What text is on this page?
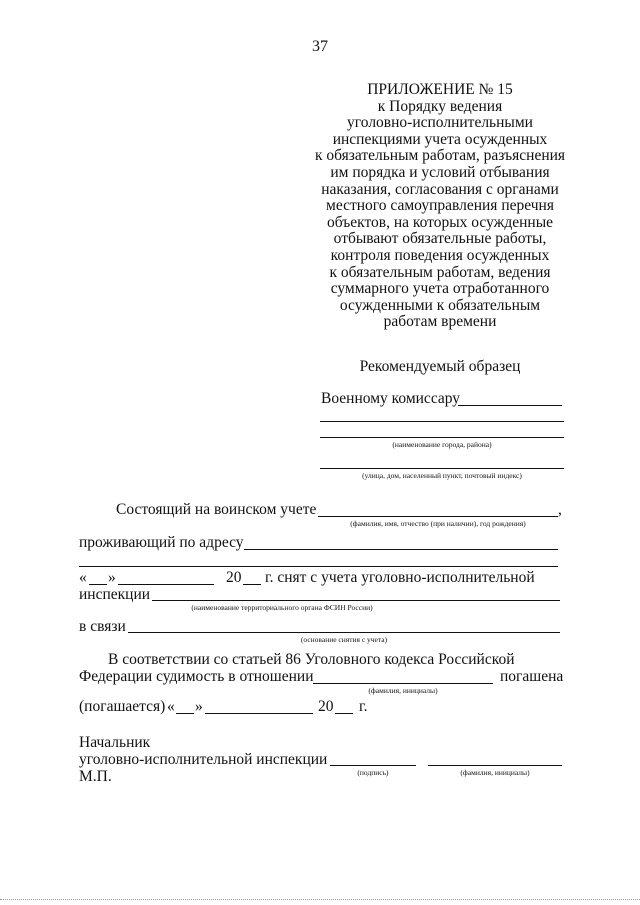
37
ПРИЛОЖЕНИЕ № 15
к Порядку ведения
уголовно-исполнительными
инспекциями учета осужденных
к обязательным работам, разъяснения
им порядка и условий отбывания
наказания, согласования с органами
местного самоуправления перечня
объектов, на которых осужденные
отбывают обязательные работы,
контроля поведения осужденных
к обязательным работам, ведения
суммарного учета отработанного
осужденными к обязательным
работам времени
Рекомендуемый образец
Военному комиссару
(наименование города, района)
(улица, дом, населенный пункт, почтовый индекс)
Состоящий на воинском учете	,
(фамилия, имя, отчество (при наличии), год рождения)
проживающий по адресу
« »	20 г. снят с учета уголовно-исполнительной
инспекции
(наименование территориального органа ФСИН России)
в связи
(основание снятия с учета)
В соответствии со статьей 86 Уголовного кодекса Российской
Федерации судимость в отношении
(фамилия, инициалы)
погашена
(погашается) « »	20 г.
Начальник
уголовно-исполнительной инспекции
(подпись)	(фамилия, инициалы)
М.П.
